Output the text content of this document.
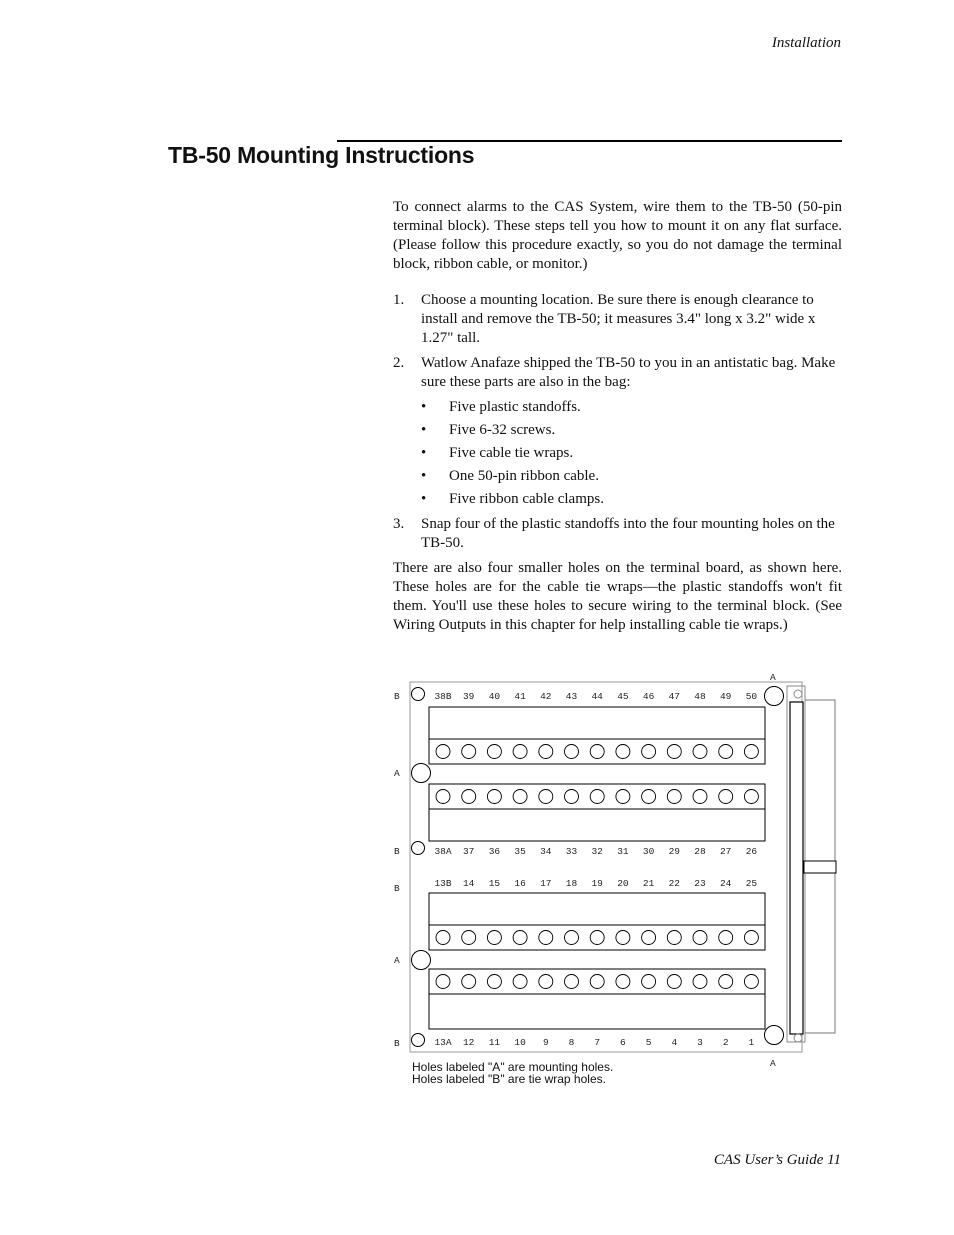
Installation
TB-50 Mounting Instructions

To connect alarms to the CAS System, wire them to the TB-50 (50-pin terminal block). These steps tell you how to mount it on any flat surface. (Please follow this procedure exactly, so you do not damage the terminal block, ribbon cable, or monitor.)

1. Choose a mounting location. Be sure there is enough clearance to install and remove the TB-50; it measures 3.4" long x 3.2" wide x 1.27" tall.
2. Watlow Anafaze shipped the TB-50 to you in an antistatic bag. Make sure these parts are also in the bag:
• Five plastic standoffs.
• Five 6-32 screws.
• Five cable tie wraps.
• One 50-pin ribbon cable.
• Five ribbon cable clamps.
3. Snap four of the plastic standoffs into the four mounting holes on the TB-50.

There are also four smaller holes on the terminal board, as shown here. These holes are for the cable tie wraps—the plastic standoffs won't fit them. You'll use these holes to secure wiring to the terminal block. (See Wiring Outputs in this chapter for help installing cable tie wraps.)

B
A
B
B
A
B
A
A
38B 39 40 41 42 43 44 45 46 47 48 49 50
38A 37 36 35 34 33 32 31 30 29 28 27 26
13B 14 15 16 17 18 19 20 21 22 23 24 25
13A 12 11 10 9 8 7 6 5 4 3 2 1
Holes labeled "A" are mounting holes.
Holes labeled "B" are tie wrap holes.
CAS User’s Guide 11
